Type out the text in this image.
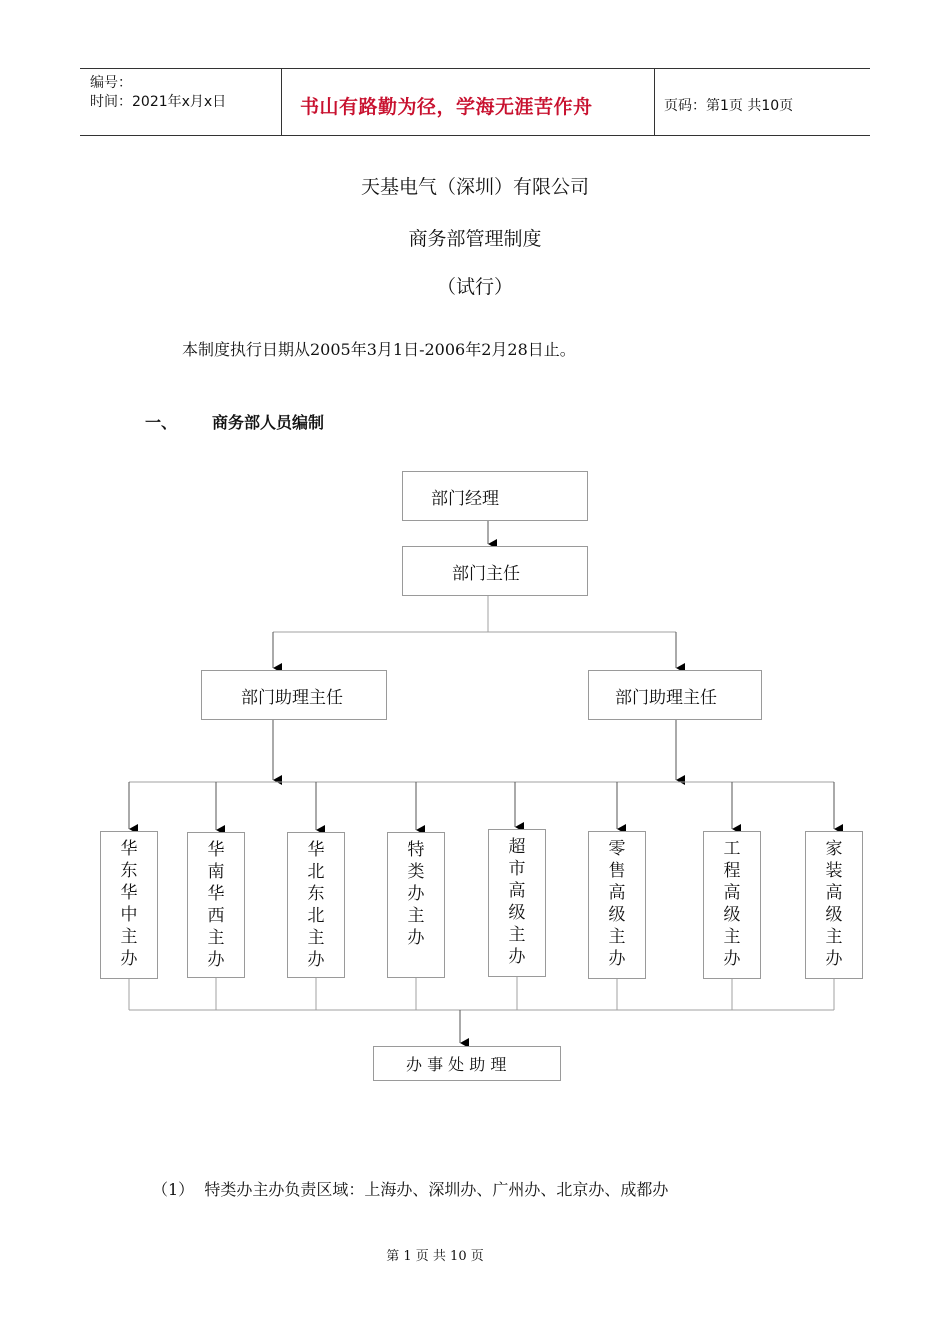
编号：
时间：2021年x月x日	书山有路勤为径，学海无涯苦作舟	页码：第1页 共10页
天基电气（深圳）有限公司
商务部管理制度
（试行）
本制度执行日期从2005年3月1日-2006年2月28日止。
一、 商务部人员编制
部门经理
部门主任
部门助理主任	部门助理主任
华
东
华
中
主
办
华
南
华
西
主
办
华
北
东
北
主
办
特
类
办
主
办
超
市
高
级
主
办
零
售
高
级
主
办
工
程
高
级
主
办
家
装
高
级
主
办
办 事 处 助 理
（1）  特类办主办负责区域：上海办、深圳办、广州办、北京办、成都办
第 1 页 共 10 页
